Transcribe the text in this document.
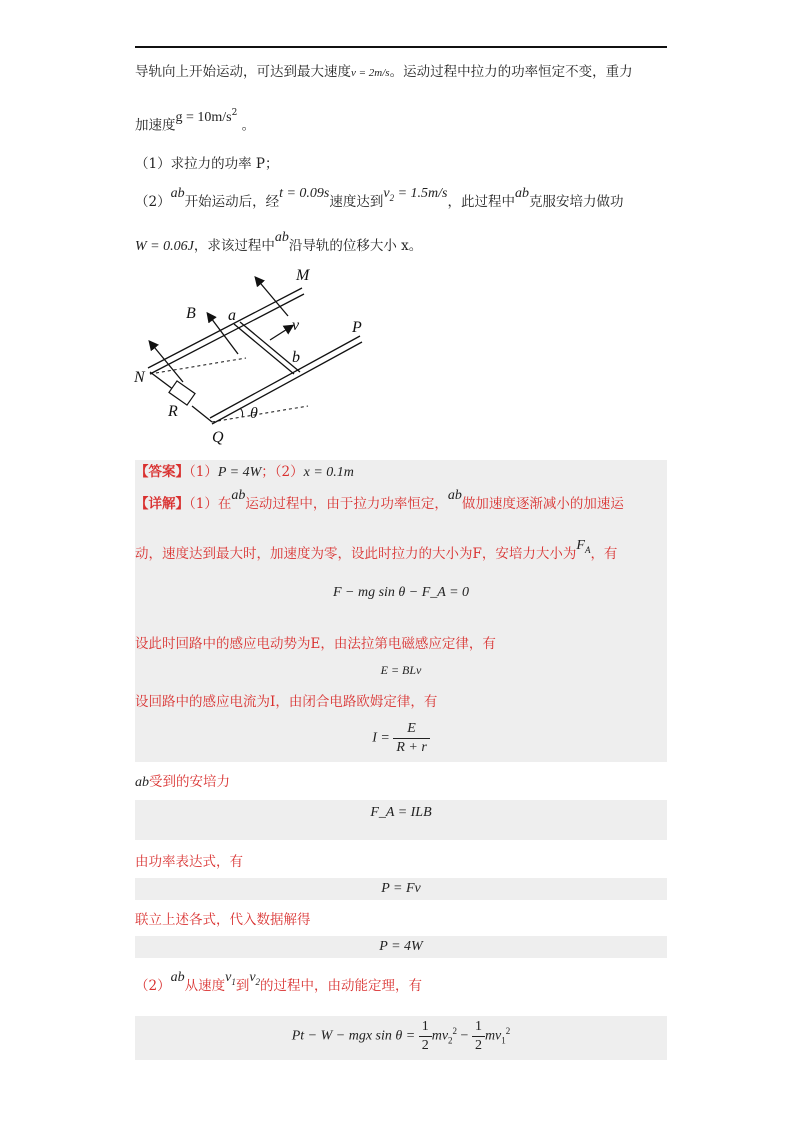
导轨向上开始运动，可达到最大速度v = 2m/s。运动过程中拉力的功率恒定不变，重力
加速度$g = 10m/s^2$ 。
（1）求拉力的功率 P；
（2）ab开始运动后，经t = 0.09s速度达到$v_2 = 1.5m/s$，此过程中ab克服安培力做功
W = 0.06J，求该过程中ab沿导轨的位移大小 x。
M
P
B a
v
b
N
R
Q
θ
【答案】（1）P = 4W；（2）x = 0.1m
【详解】（1）在ab运动过程中，由于拉力功率恒定，ab做加速度逐渐减小的加速运
动，速度达到最大时，加速度为零，设此时拉力的大小为F，安培力大小为$F_A$，有
F − mg sin θ − F_A = 0
设此时回路中的感应电动势为E，由法拉第电磁感应定律，有
E = BLv
设回路中的感应电流为I，由闭合电路欧姆定律，有
$I = \frac{E}{R + r}$
ab受到的安培力
F_A = ILB
由功率表达式，有
P = Fv
联立上述各式，代入数据解得
P = 4W
（2）ab从速度$v_1$到$v_2$的过程中，由动能定理，有
Pt − W − mgx $\sin \theta = \frac{1}{2} mv_2^2 - \frac{1}{2} mv_1^2$
